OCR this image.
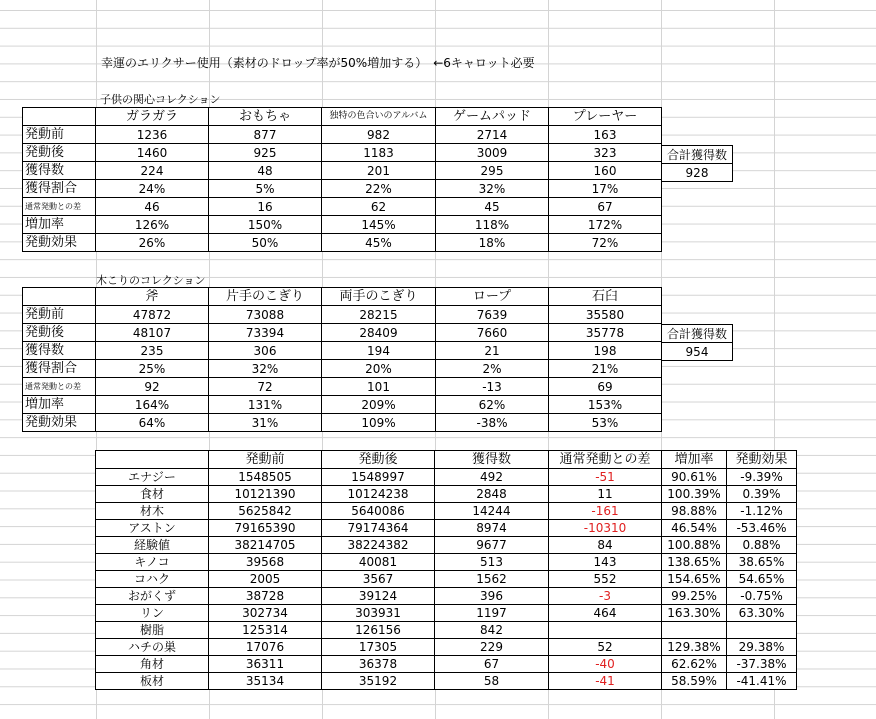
幸運のエリクサー使用（素材のドロップ率が50%増加する）　←6キャロット必要
子供の関心コレクション
	ガラガラ	おもちゃ	独特の色合いのアルバム	ゲームパッド	プレーヤー
発動前	1236	877	982	2714	163
発動後	1460	925	1183	3009	323
獲得数	224	48	201	295	160
獲得割合	24%	5%	22%	32%	17%
通常発動との差	46	16	62	45	67
増加率	126%	150%	145%	118%	172%
発動効果	26%	50%	45%	18%	72%
合計獲得数
928
木こりのコレクション
	斧	片手のこぎり	両手のこぎり	ロープ	石臼
発動前	47872	73088	28215	7639	35580
発動後	48107	73394	28409	7660	35778
獲得数	235	306	194	21	198
獲得割合	25%	32%	20%	2%	21%
通常発動との差	92	72	101	-13	69
増加率	164%	131%	209%	62%	153%
発動効果	64%	31%	109%	-38%	53%
合計獲得数
954
	発動前	発動後	獲得数	通常発動との差	増加率	発動効果
エナジー	1548505	1548997	492	-51	90.61%	-9.39%
食材	10121390	10124238	2848	11	100.39%	0.39%
材木	5625842	5640086	14244	-161	98.88%	-1.12%
アストン	79165390	79174364	8974	-10310	46.54%	-53.46%
経験値	38214705	38224382	9677	84	100.88%	0.88%
キノコ	39568	40081	513	143	138.65%	38.65%
コハク	2005	3567	1562	552	154.65%	54.65%
おがくず	38728	39124	396	-3	99.25%	-0.75%
リン	302734	303931	1197	464	163.30%	63.30%
樹脂	125314	126156	842			
ハチの巣	17076	17305	229	52	129.38%	29.38%
角材	36311	36378	67	-40	62.62%	-37.38%
板材	35134	35192	58	-41	58.59%	-41.41%
